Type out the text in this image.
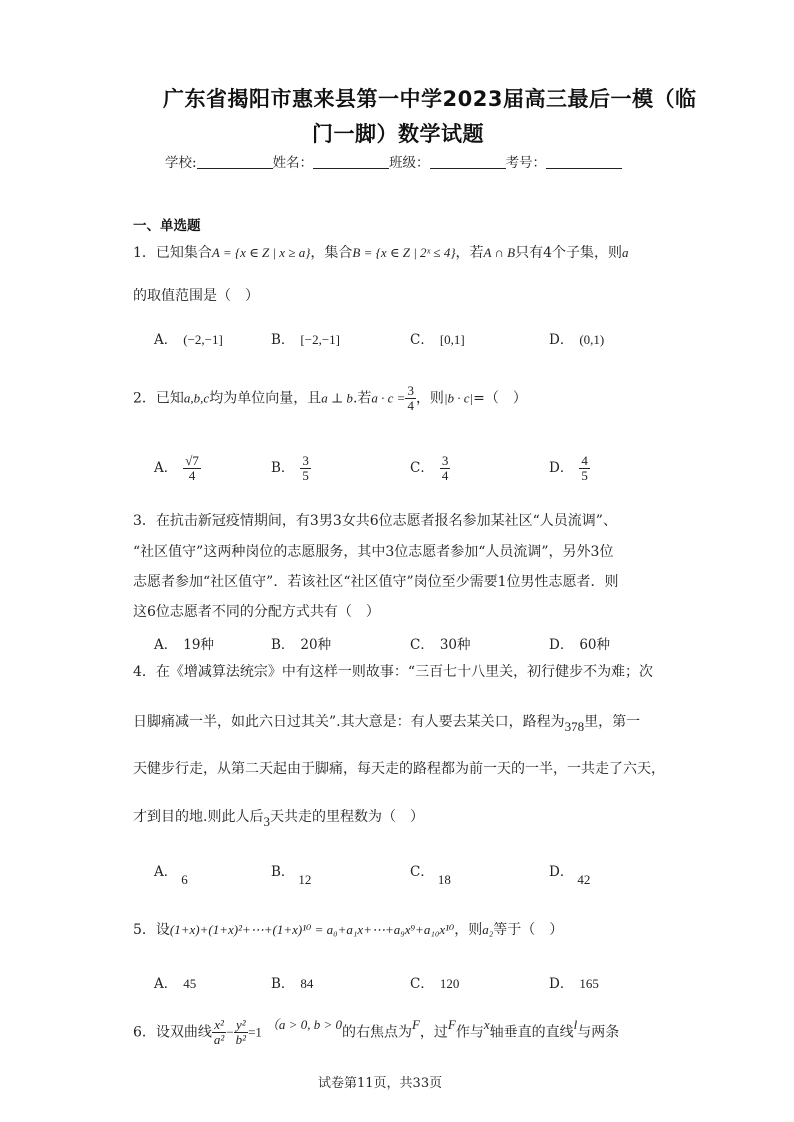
广东省揭阳市惠来县第一中学2023届高三最后一模（临
门一脚）数学试题
学校:	姓名：	班级：	考号：
一、单选题
1．已知集合A = {x ∈ Z | x ≥ a}，集合B = {x ∈ Z | 2ˣ ≤ 4}，若A ∩ B只有4个子集，则a
的取值范围是（　）
A． (−2,−1]	B． [−2,−1]	C． [0,1]	D． (0,1)
2．已知a,b,c均为单位向量，且a ⊥ b.若$a \cdot c = \frac{3}{4}$ ，则|b · c|=（　）
A． $\frac{√7}{4}$	B． $\frac{3}{5}$	C． $\frac{3}{4}$	D． $\frac{4}{5}$
3．在抗击新冠疫情期间，有3男3女共6位志愿者报名参加某社区“人员流调”、
“社区值守”这两种岗位的志愿服务，其中3位志愿者参加“人员流调”，另外3位
志愿者参加“社区值守”．若该社区“社区值守”岗位至少需要1位男性志愿者．则
这6位志愿者不同的分配方式共有（　）
A． 19种	B． 20种	C． 30种	D． 60种
4．在《增减算法统宗》中有这样一则故事：“三百七十八里关，初行健步不为难；次
日脚痛减一半，如此六日过其关”.其大意是：有人要去某关口，路程为378里，第一
天健步行走，从第二天起由于脚痛，每天走的路程都为前一天的一半，一共走了六天，
才到目的地.则此人后3天共走的里程数为（　）
A． 6	B． 12	C． 18	D． 42
5．设(1+x)+(1+x)²+⋯+(1+x)¹⁰ = a₀+a₁x+⋯+a₉x⁹+a₁₀x¹⁰，则a₂等于（　）
A． 45	B． 84	C． 120	D． 165
6．设双曲线 $\frac{\text{x²}}{\text{a²}} - \frac{\text{y²}}{\text{b²}} =1(a > 0$, b > 0的右焦点为F，过F作与x轴垂直的直线l与两条
试卷第11页，共33页
